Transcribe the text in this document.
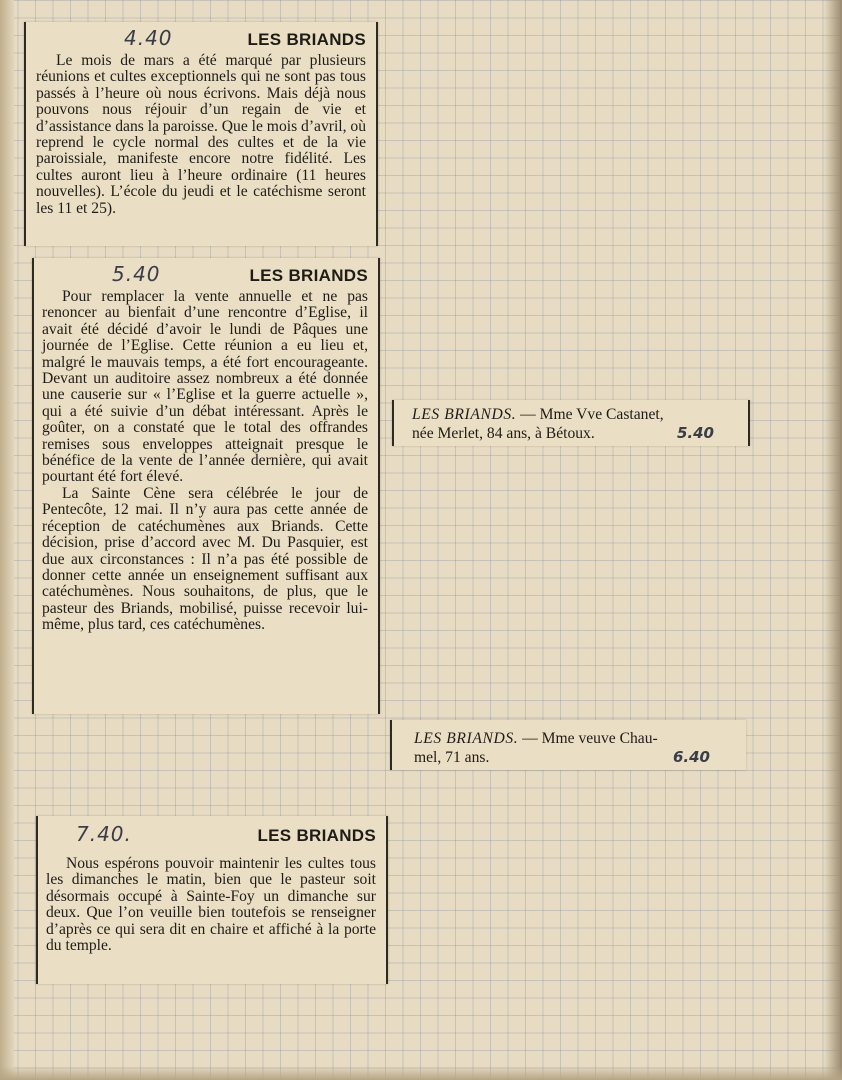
4.40	LES BRIANDS

Le mois de mars a été marqué par plusieurs réunions et cultes exceptionnels qui ne sont pas tous passés à l’heure où nous écrivons. Mais déjà nous pouvons nous réjouir d’un regain de vie et d’assistance dans la paroisse. Que le mois d’avril, où reprend le cycle normal des cultes et de la vie paroissiale, manifeste encore notre fidélité. Les cultes auront lieu à l’heure ordinaire (11 heures nouvelles). L’école du jeudi et le catéchisme seront les 11 et 25).

5.40	LES BRIANDS

Pour remplacer la vente annuelle et ne pas renoncer au bienfait d’une rencontre d’Eglise, il avait été décidé d’avoir le lundi de Pâques une journée de l’Eglise. Cette réunion a eu lieu et, malgré le mauvais temps, a été fort encourageante. Devant un auditoire assez nombreux a été donnée une causerie sur « l’Eglise et la guerre actuelle », qui a été suivie d’un débat intéressant. Après le goûter, on a constaté que le total des offrandes remises sous enveloppes atteignait presque le bénéfice de la vente de l’année dernière, qui avait pourtant été fort élevé.

La Sainte Cène sera célébrée le jour de Pentecôte, 12 mai. Il n’y aura pas cette année de réception de catéchumènes aux Briands. Cette décision, prise d’accord avec M. Du Pasquier, est due aux circonstances : Il n’a pas été possible de donner cette année un enseignement suffisant aux catéchumènes. Nous souhaitons, de plus, que le pasteur des Briands, mobilisé, puisse recevoir lui-même, plus tard, ces catéchumènes.

LES BRIANDS. — Mme Vve Castanet,
née Merlet, 84 ans, à Bétoux.	5.40
LES BRIANDS. — Mme veuve Chau-
mel, 71 ans.	6.40
7.40.	LES BRIANDS

Nous espérons pouvoir maintenir les cultes tous les dimanches le matin, bien que le pasteur soit désormais occupé à Sainte-Foy un dimanche sur deux. Que l’on veuille bien toutefois se renseigner d’après ce qui sera dit en chaire et affiché à la porte du temple.
